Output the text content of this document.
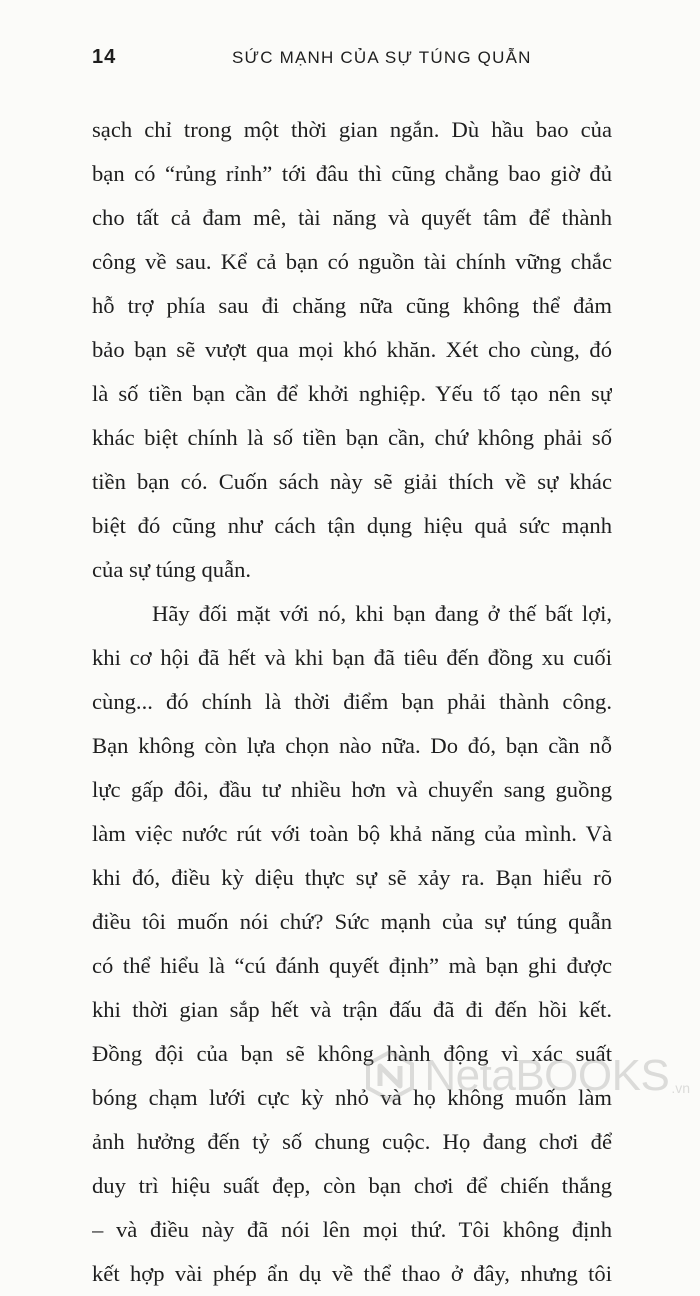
14	SỨC MẠNH CỦA SỰ TÚNG QUẪN
sạch chỉ trong một thời gian ngắn. Dù hầu bao của
bạn có “rủng rỉnh” tới đâu thì cũng chẳng bao giờ đủ
cho tất cả đam mê, tài năng và quyết tâm để thành
công về sau. Kể cả bạn có nguồn tài chính vững chắc
hỗ trợ phía sau đi chăng nữa cũng không thể đảm
bảo bạn sẽ vượt qua mọi khó khăn. Xét cho cùng, đó
là số tiền bạn cần để khởi nghiệp. Yếu tố tạo nên sự
khác biệt chính là số tiền bạn cần, chứ không phải số
tiền bạn có. Cuốn sách này sẽ giải thích về sự khác
biệt đó cũng như cách tận dụng hiệu quả sức mạnh
của sự túng quẫn.
Hãy đối mặt với nó, khi bạn đang ở thế bất lợi,
khi cơ hội đã hết và khi bạn đã tiêu đến đồng xu cuối
cùng... đó chính là thời điểm bạn phải thành công.
Bạn không còn lựa chọn nào nữa. Do đó, bạn cần nỗ
lực gấp đôi, đầu tư nhiều hơn và chuyển sang guồng
làm việc nước rút với toàn bộ khả năng của mình. Và
khi đó, điều kỳ diệu thực sự sẽ xảy ra. Bạn hiểu rõ
điều tôi muốn nói chứ? Sức mạnh của sự túng quẫn
có thể hiểu là “cú đánh quyết định” mà bạn ghi được
khi thời gian sắp hết và trận đấu đã đi đến hồi kết.
Đồng đội của bạn sẽ không hành động vì xác suất
bóng chạm lưới cực kỳ nhỏ và họ không muốn làm
ảnh hưởng đến tỷ số chung cuộc. Họ đang chơi để
duy trì hiệu suất đẹp, còn bạn chơi để chiến thắng
– và điều này đã nói lên mọi thứ. Tôi không định
kết hợp vài phép ẩn dụ về thể thao ở đây, nhưng tôi
NetaBOOKS .vn
